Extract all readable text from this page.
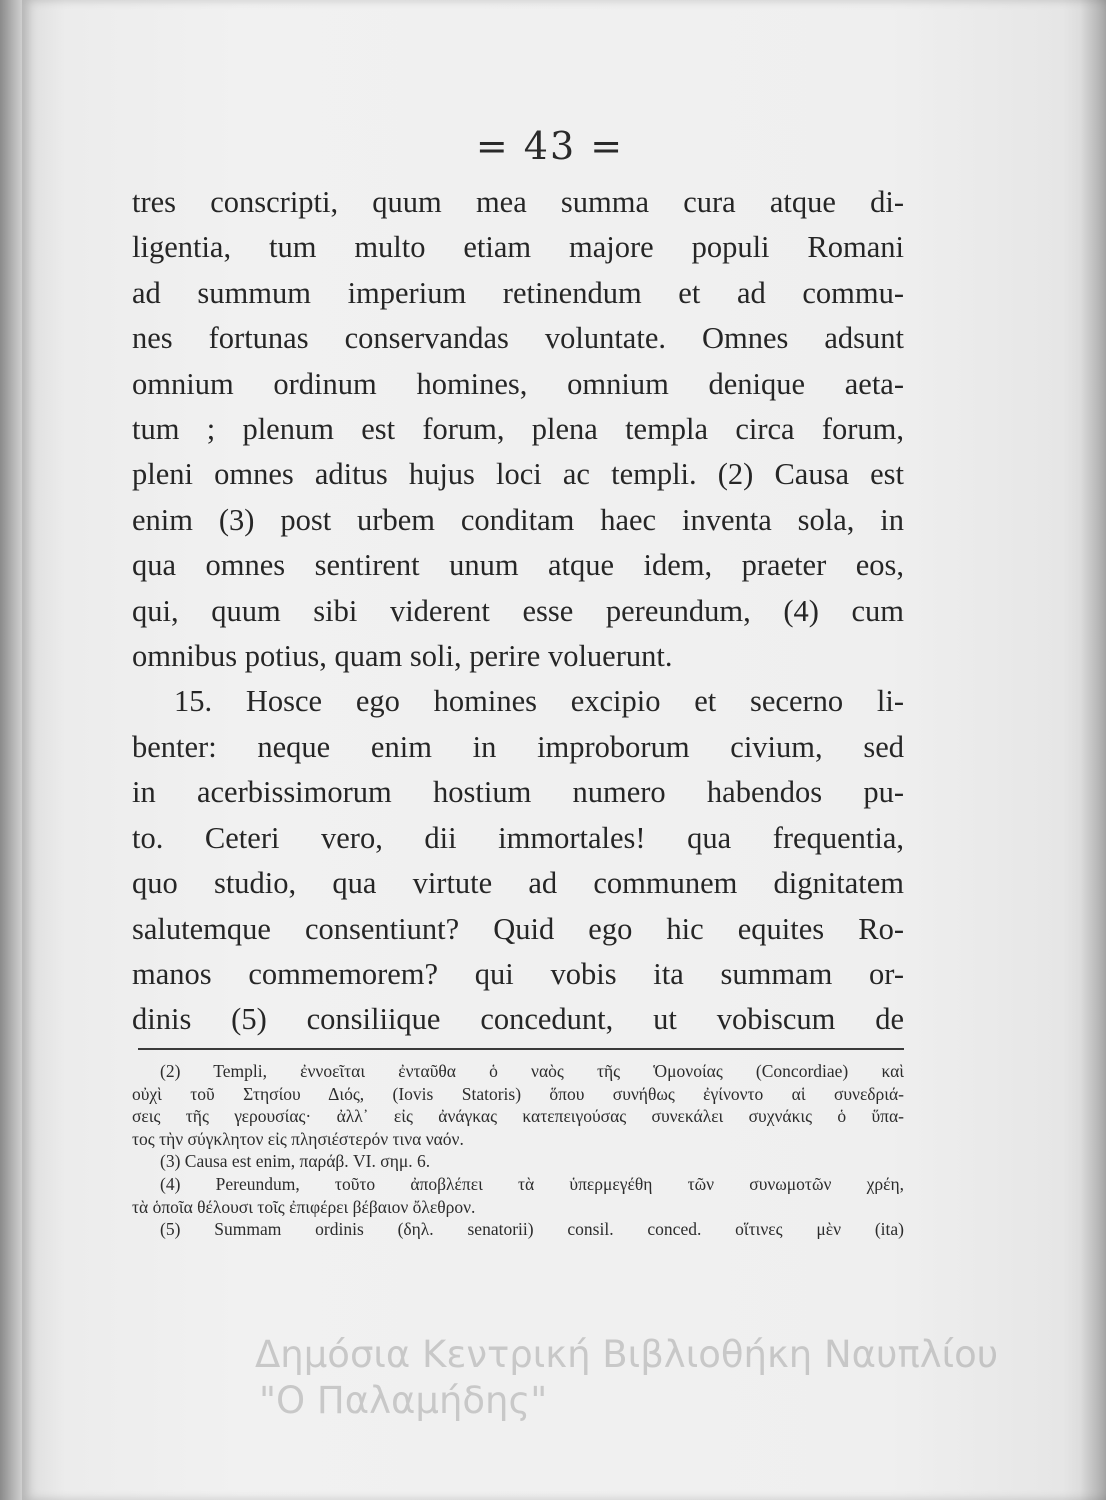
= 43 =
tres conscripti, quum mea summa cura atque di-
ligentia, tum multo etiam majore populi Romani
ad summum imperium retinendum et ad commu-
nes fortunas conservandas voluntate. Omnes adsunt
omnium ordinum homines, omnium denique aeta-
tum ; plenum est forum, plena templa circa forum,
pleni omnes aditus hujus loci ac templi. (2) Causa est
enim (3) post urbem conditam haec inventa sola, in
qua omnes sentirent unum atque idem, praeter eos,
qui, quum sibi viderent esse pereundum, (4) cum
omnibus potius, quam soli, perire voluerunt.
15. Hosce ego homines excipio et secerno li-
benter: neque enim in improborum civium, sed
in acerbissimorum hostium numero habendos pu-
to. Ceteri vero, dii immortales! qua frequentia,
quo studio, qua virtute ad communem dignitatem
salutemque consentiunt? Quid ego hic equites Ro-
manos commemorem? qui vobis ita summam or-
dinis (5) consiliique concedunt, ut vobiscum de
(2) Templi, ἐννοεῖται ἐνταῦθα ὁ ναὸς τῆς Ὁμονοίας (Concordiae) καὶ
οὐχὶ τοῦ Στησίου Διός, (Iovis Statoris) ὅπου συνήθως ἐγίνοντο αἱ συνεδριά-
σεις τῆς γερουσίας· ἀλλ᾽ εἰς ἀνάγκας κατεπειγούσας συνεκάλει συχνάκις ὁ ὕπα-
τος τὴν σύγκλητον εἰς πλησιέστερόν τινα ναόν.
(3) Causa est enim, παράβ. VI. σημ. 6.
(4) Pereundum, τοῦτο ἀποβλέπει τὰ ὑπερμεγέθη τῶν συνωμοτῶν χρέη,
τὰ ὁποῖα θέλουσι τοῖς ἐπιφέρει βέβαιον ὄλεθρον.
(5) Summam ordinis (δηλ. senatorii) consil. conced. οἵτινες μὲν (ita)
Δημόσια Κεντρική Βιβλιοθήκη Ναυπλίου
"Ο Παλαμήδης"
